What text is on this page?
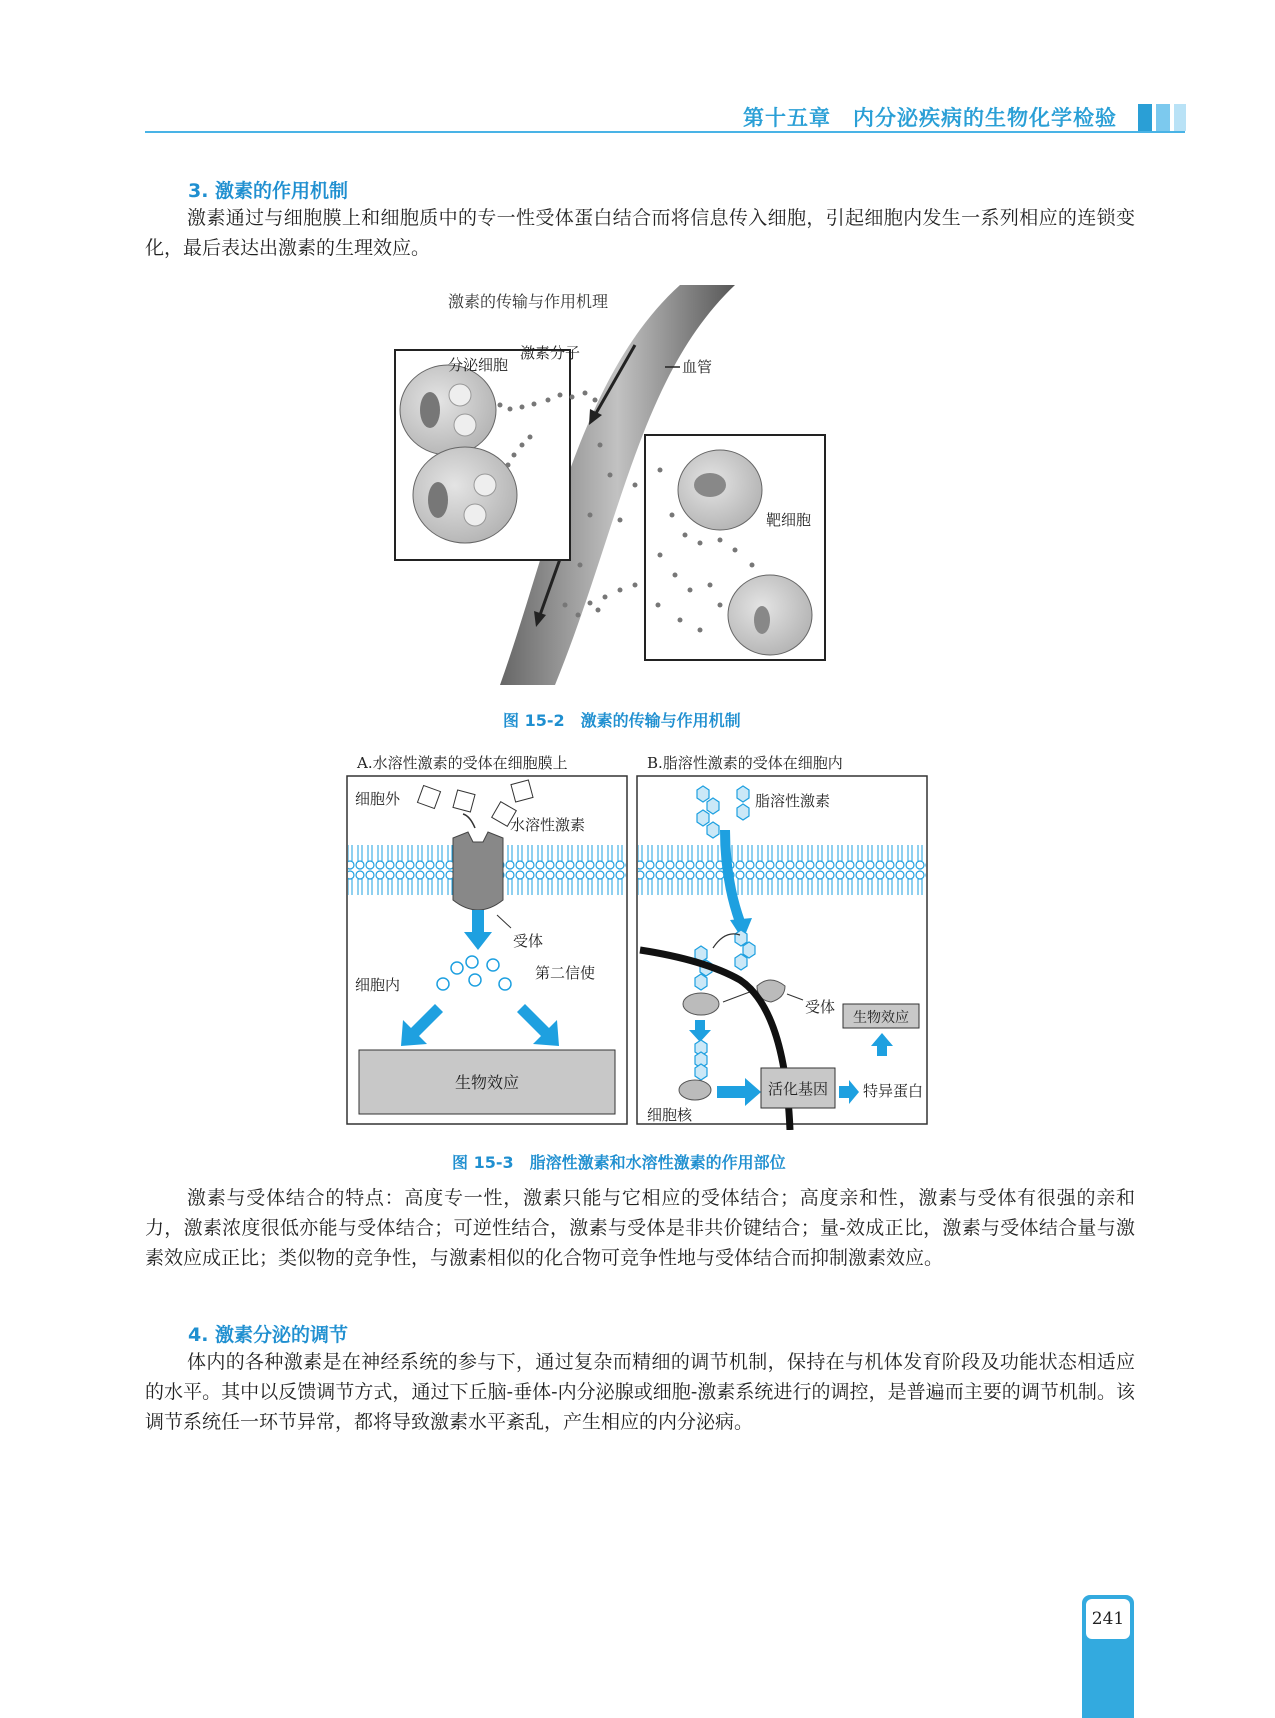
第十五章　内分泌疾病的生物化学检验
3. 激素的作用机制

激素通过与细胞膜上和细胞质中的专一性受体蛋白结合而将信息传入细胞，引起细胞内发生一系列相应的连锁变化，最后表达出激素的生理效应。

激素的传输与作用机理
分泌细胞
激素分子
血管
靶细胞
图 15-2　激素的传输与作用机制
A.水溶性激素的受体在细胞膜上
细胞外
水溶性激素
受体
第二信使
细胞内
生物效应
B.脂溶性激素的受体在细胞内
脂溶性激素
受体
细胞核
活化基因 特异蛋白
生物效应
图 15-3　脂溶性激素和水溶性激素的作用部位

激素与受体结合的特点：高度专一性，激素只能与它相应的受体结合；高度亲和性，激素与受体有很强的亲和力，激素浓度很低亦能与受体结合；可逆性结合，激素与受体是非共价键结合；量-效成正比，激素与受体结合量与激素效应成正比；类似物的竞争性，与激素相似的化合物可竞争性地与受体结合而抑制激素效应。

4. 激素分泌的调节

体内的各种激素是在神经系统的参与下，通过复杂而精细的调节机制，保持在与机体发育阶段及功能状态相适应的水平。其中以反馈调节方式，通过下丘脑-垂体-内分泌腺或细胞-激素系统进行的调控，是普遍而主要的调节机制。该调节系统任一环节异常，都将导致激素水平紊乱，产生相应的内分泌病。

241
